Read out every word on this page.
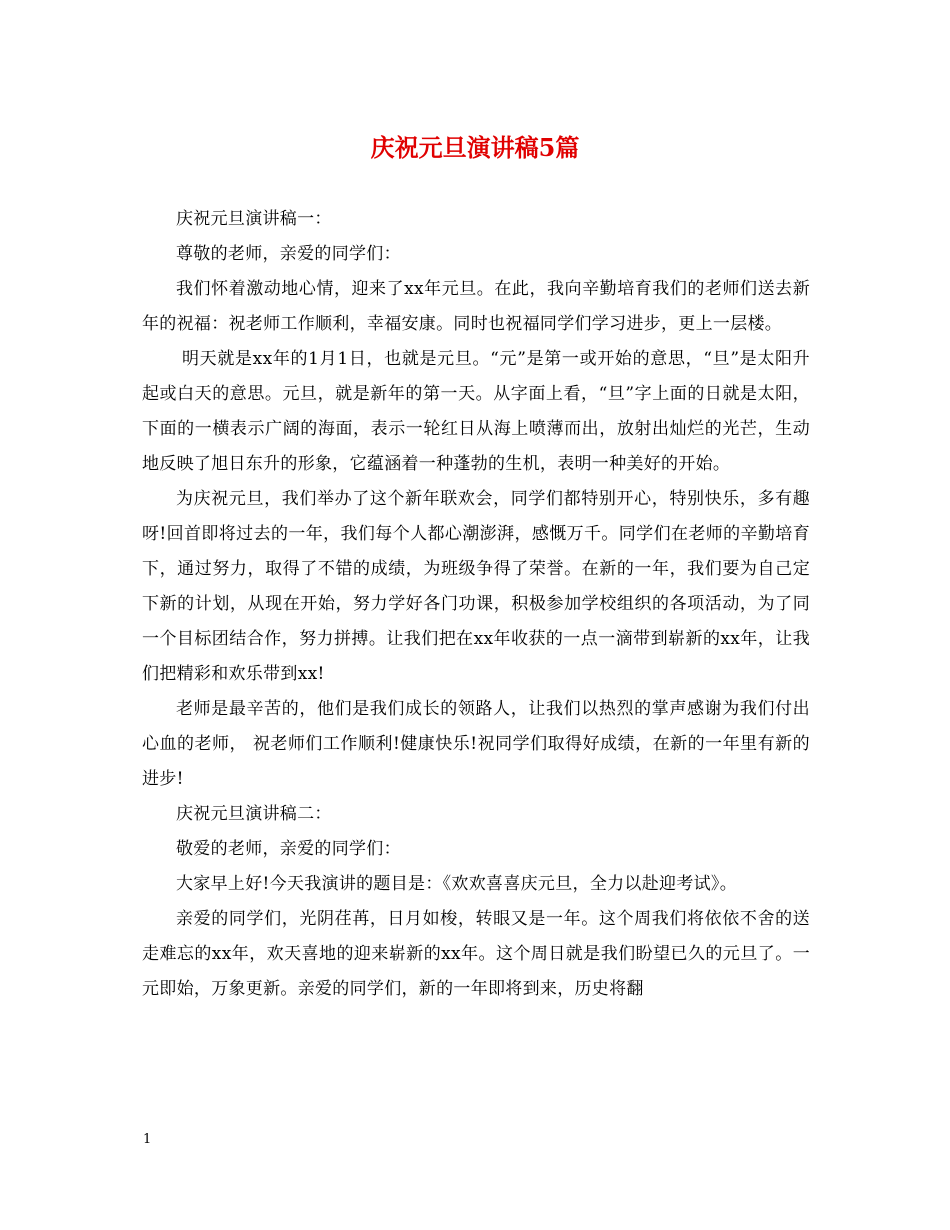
庆祝元旦演讲稿5篇

庆祝元旦演讲稿一：

尊敬的老师，亲爱的同学们：

我们怀着激动地心情，迎来了xx年元旦。在此，我向辛勤培育我们的老师们送去新年的祝福：祝老师工作顺利，幸福安康。同时也祝福同学们学习进步，更上一层楼。

明天就是xx年的1月1日，也就是元旦。“元”是第一或开始的意思，“旦”是太阳升起或白天的意思。元旦，就是新年的第一天。从字面上看，“旦”字上面的日就是太阳，下面的一横表示广阔的海面，表示一轮红日从海上喷薄而出，放射出灿烂的光芒，生动地反映了旭日东升的形象，它蕴涵着一种蓬勃的生机，表明一种美好的开始。

为庆祝元旦，我们举办了这个新年联欢会，同学们都特别开心，特别快乐，多有趣呀!回首即将过去的一年，我们每个人都心潮澎湃，感慨万千。同学们在老师的辛勤培育下，通过努力，取得了不错的成绩，为班级争得了荣誉。在新的一年，我们要为自己定下新的计划，从现在开始，努力学好各门功课，积极参加学校组织的各项活动，为了同一个目标团结合作，努力拼搏。让我们把在xx年收获的一点一滴带到崭新的xx年，让我们把精彩和欢乐带到xx!

老师是最辛苦的，他们是我们成长的领路人，让我们以热烈的掌声感谢为我们付出心血的老师， 祝老师们工作顺利!健康快乐!祝同学们取得好成绩，在新的一年里有新的进步!

庆祝元旦演讲稿二：

敬爱的老师，亲爱的同学们：

大家早上好!今天我演讲的题目是：《欢欢喜喜庆元旦，全力以赴迎考试》。

亲爱的同学们，光阴荏苒，日月如梭，转眼又是一年。这个周我们将依依不舍的送走难忘的xx年，欢天喜地的迎来崭新的xx年。这个周日就是我们盼望已久的元旦了。一元即始，万象更新。亲爱的同学们，新的一年即将到来，历史将翻

1
